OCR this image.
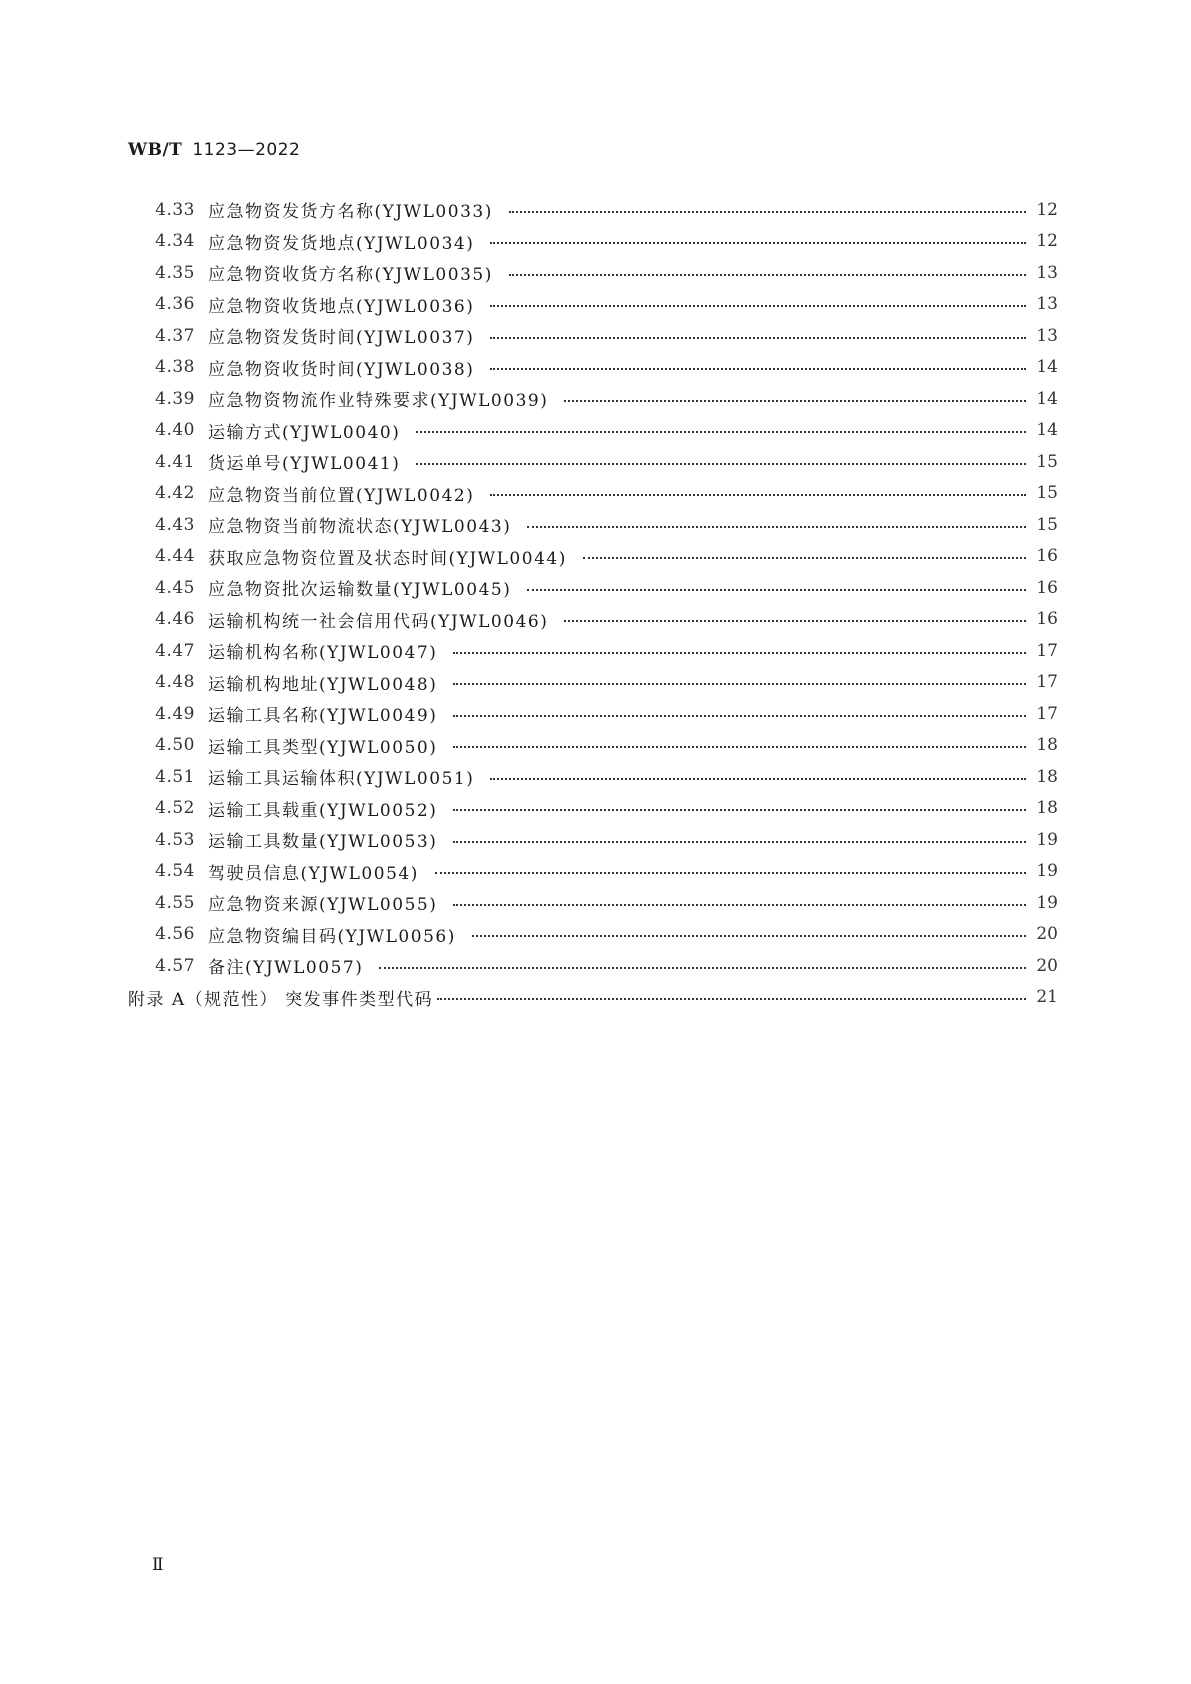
WB/T 1123—2022
4.33 应急物资发货方名称(YJWL0033)	12
4.34 应急物资发货地点(YJWL0034)	12
4.35 应急物资收货方名称(YJWL0035)	13
4.36 应急物资收货地点(YJWL0036)	13
4.37 应急物资发货时间(YJWL0037)	13
4.38 应急物资收货时间(YJWL0038)	14
4.39 应急物资物流作业特殊要求(YJWL0039)	14
4.40 运输方式(YJWL0040)	14
4.41 货运单号(YJWL0041)	15
4.42 应急物资当前位置(YJWL0042)	15
4.43 应急物资当前物流状态(YJWL0043)	15
4.44 获取应急物资位置及状态时间(YJWL0044)	16
4.45 应急物资批次运输数量(YJWL0045)	16
4.46 运输机构统一社会信用代码(YJWL0046)	16
4.47 运输机构名称(YJWL0047)	17
4.48 运输机构地址(YJWL0048)	17
4.49 运输工具名称(YJWL0049)	17
4.50 运输工具类型(YJWL0050)	18
4.51 运输工具运输体积(YJWL0051)	18
4.52 运输工具载重(YJWL0052)	18
4.53 运输工具数量(YJWL0053)	19
4.54 驾驶员信息(YJWL0054)	19
4.55 应急物资来源(YJWL0055)	19
4.56 应急物资编目码(YJWL0056)	20
4.57 备注(YJWL0057)	20
附录 A（规范性） 突发事件类型代码	21
Ⅱ
